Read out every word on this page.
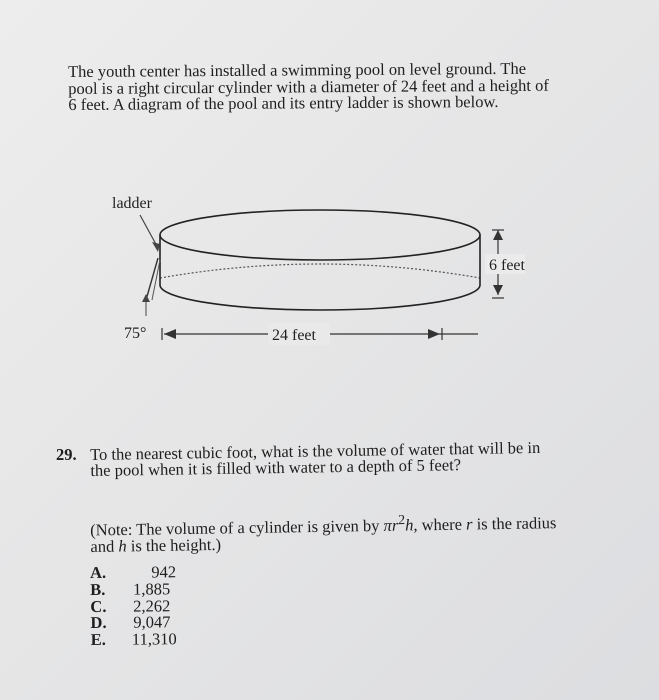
The youth center has installed a swimming pool on level ground. The pool is a right circular cylinder with a diameter of 24 feet and a height of 6 feet. A diagram of the pool and its entry ladder is shown below.

ladder
6 feet
75°	24 feet
29. To the nearest cubic foot, what is the volume of water that will be in the pool when it is filled with water to a depth of 5 feet?

(Note: The volume of a cylinder is given by $\pi r^2h$, where r is the radius and h is the height.)

A.	942
B.	1,885
C.	2,262
D.	9,047
E.	11,310
